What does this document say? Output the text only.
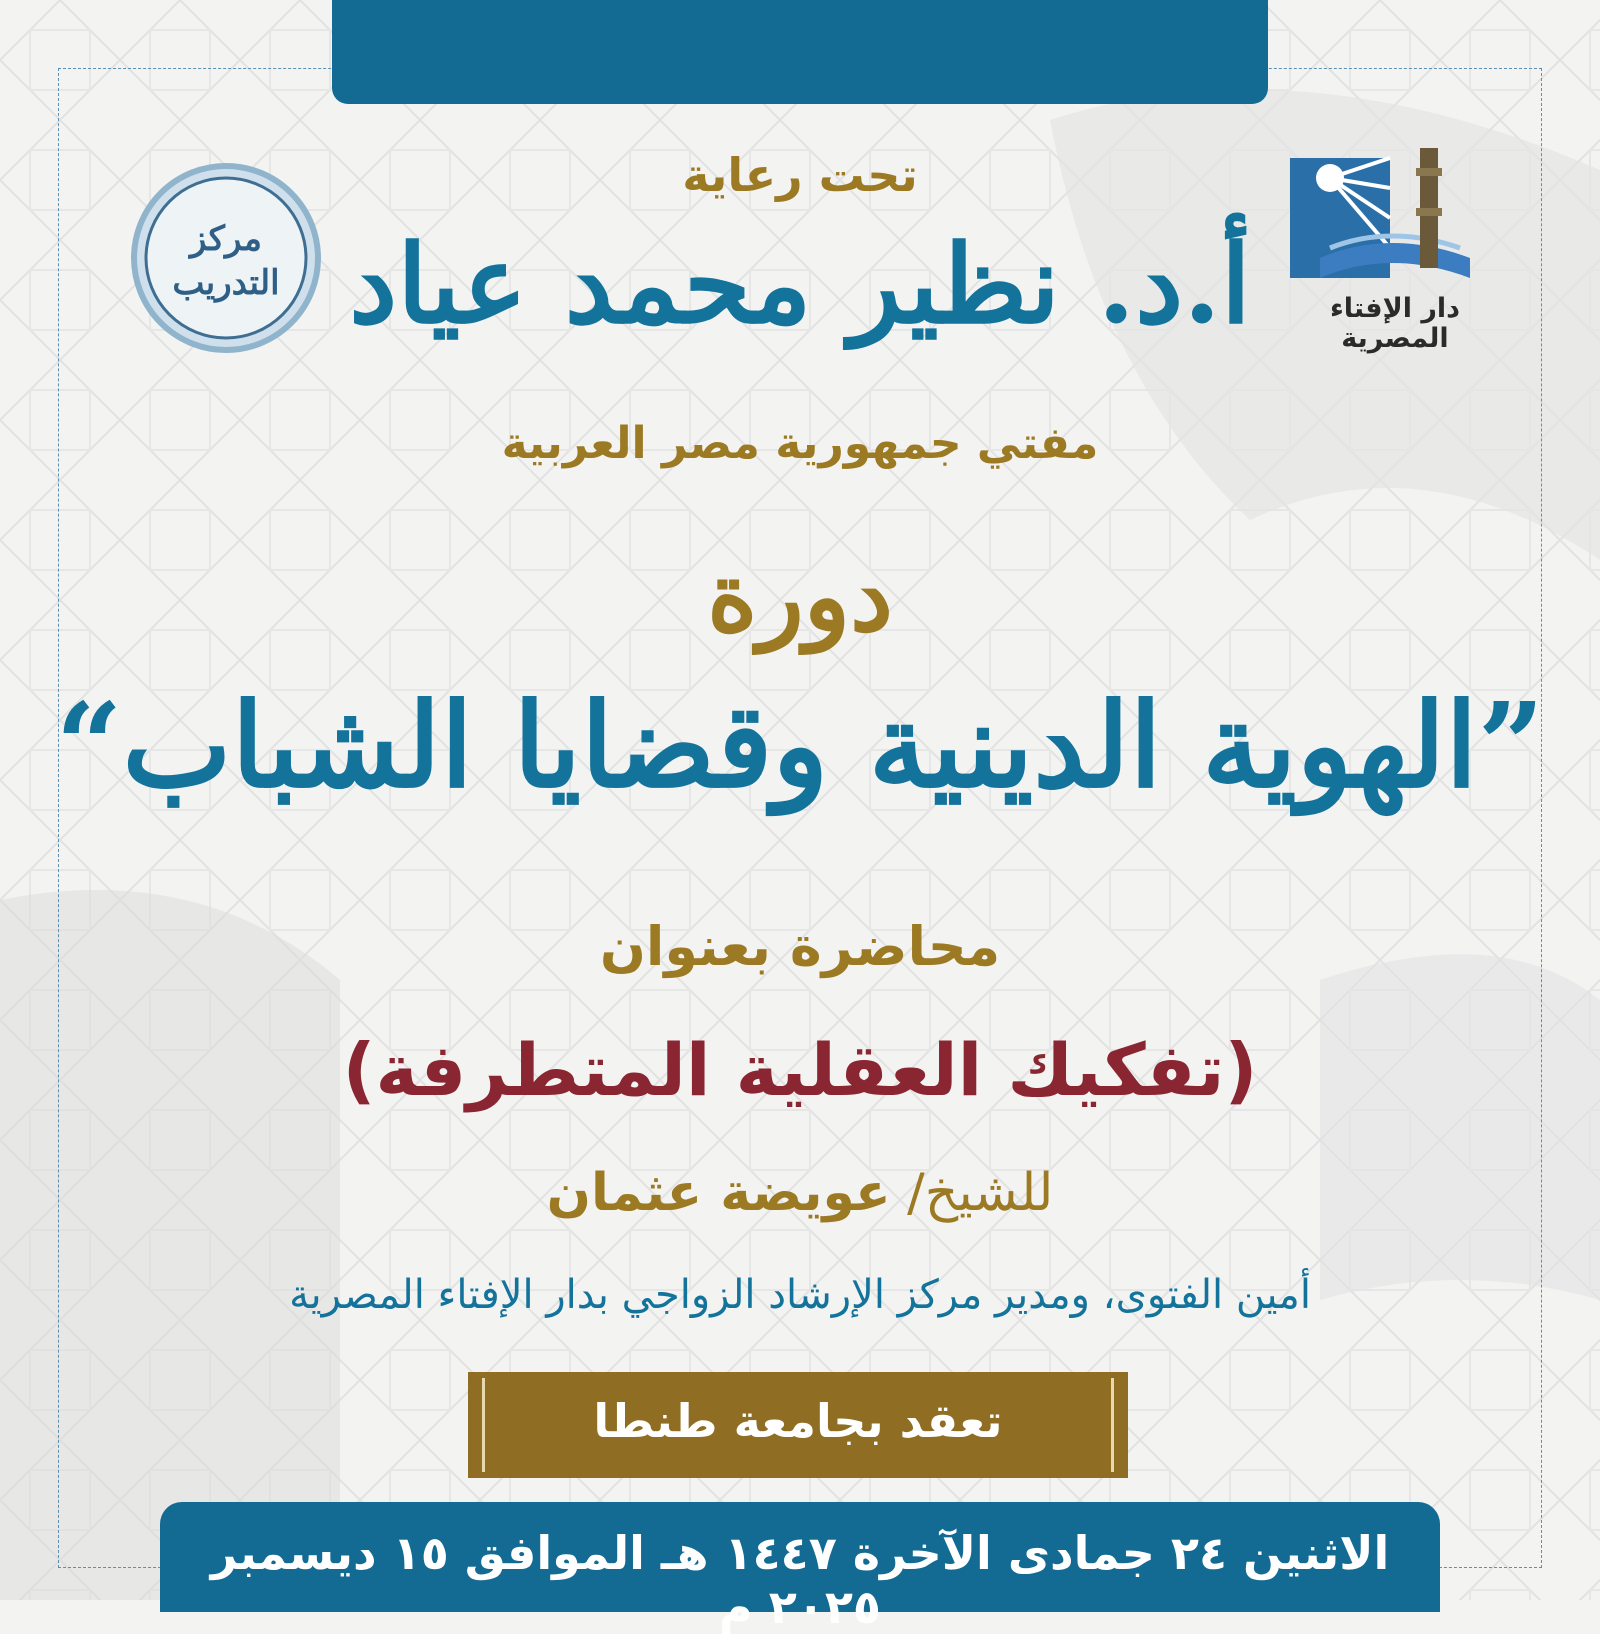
مركز
التدريب
دار الإفتاء
المصرية
تحت رعاية
أ.د. نظير محمد عياد
مفتي جمهورية مصر العربية
دورة
”الهوية الدينية وقضايا الشباب“
محاضرة بعنوان
(تفكيك العقلية المتطرفة)
للشيخ/ عويضة عثمان
أمين الفتوى، ومدير مركز الإرشاد الزواجي بدار الإفتاء المصرية
تعقد بجامعة طنطا
الاثنين ٢٤ جمادى الآخرة ١٤٤٧ هـ الموافق ١٥ ديسمبر ٢٠٢٥ م
